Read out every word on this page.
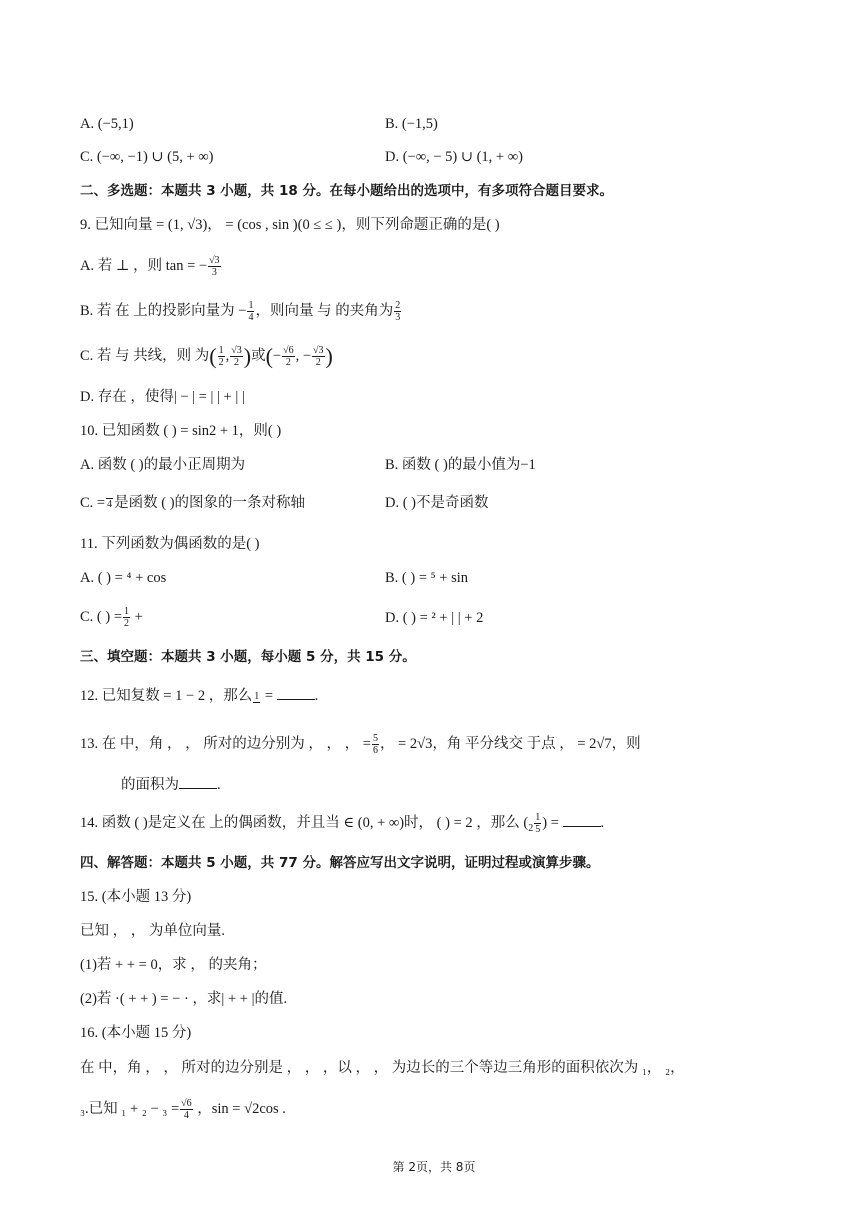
A. (−5,1)	B. (−1,5)
C. (−∞, −1) ∪ (5, + ∞)	D. (−∞, − 5) ∪ (1, + ∞)
二、多选题：本题共 3 小题，共 18 分。在每小题给出的选项中，有多项符合题目要求。
9. 已知向量 = (1, √3)， = (cos , sin )(0 ≤ ≤ )，则下列命题正确的是( )
A. 若 ⊥ ，则 tan = − $\frac{√3}{3}$
B. 若 在 上的投影向量为 − $\frac{1}{4}$ ，则向量 与 的夹角为 $\frac{2}{3}$
C. 若 与 共线，则 为( $\frac{1}{2}$ , $\frac{√3}{2}$ )或(− $\frac{√6}{2}$ , − $\frac{√3}{2}$ )
D. 存在 ，使得| − | = | | + | |
10. 已知函数 ( ) = sin2 + 1，则( )
A. 函数 ( )的最小正周期为	B. 函数 ( )的最小值为−1
C. = 4 是函数 ( )的图象的一条对称轴	D. ( )不是奇函数
11. 下列函数为偶函数的是( )
A. ( ) = ⁴ + cos	B. ( ) = ⁵ + sin
C. ( ) = $\frac{1}{2}$ +	D. ( ) = ² + | | + 2
三、填空题：本题共 3 小题，每小题 5 分，共 15 分。
12. 已知复数 = 1 − 2 ，那么 1 =	.
13. 在 中，角 ， ， 所对的边分别为 ， ， ， = $\frac{5}{6}$ ， = 2√3，角 平分线交 于点 ， = 2√7，则
的面积为	.
14. 函数 ( )是定义在 上的偶函数，并且当 ∈ (0, + ∞)时， ( ) = 2 ，那么 ($_2 \frac{1}{5}$ ) =	.
四、解答题：本题共 5 小题，共 77 分。解答应写出文字说明，证明过程或演算步骤。
15. (本小题 13 分)
已知 ， ， 为单位向量.
(1)若 + + = 0，求 ， 的夹角；
(2)若 ·( + + ) = − · ，求| + + |的值.
16. (本小题 15 分)
在 中，角 ， ， 所对的边分别是 ， ， ，以 ， ， 为边长的三个等边三角形的面积依次为 ₁， ₂，
₃.已知 $_1 + _2 - _3 = \frac{√6}{4}$ ，sin = √2cos .
第 2页，共 8页
